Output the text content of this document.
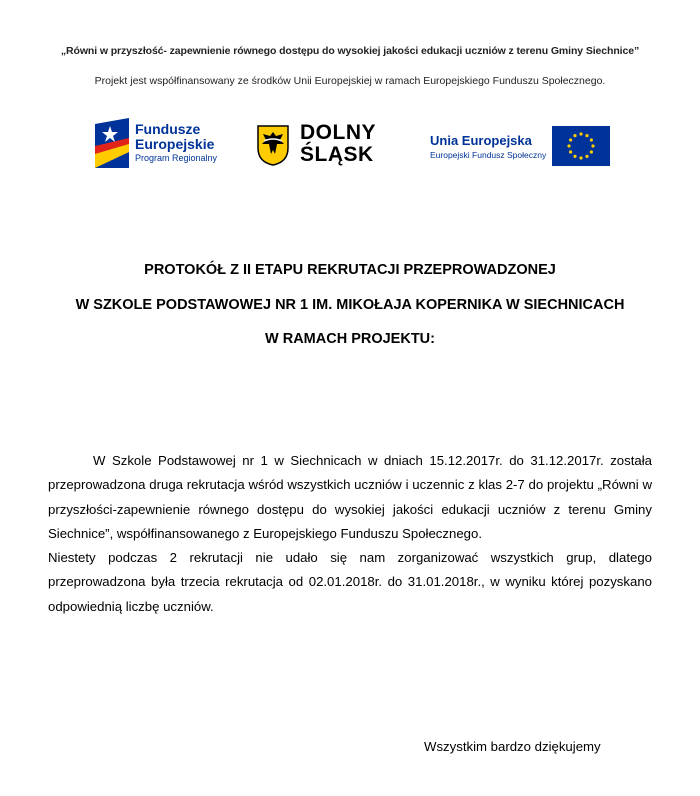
„Równi w przyszłość- zapewnienie równego dostępu do wysokiej jakości edukacji uczniów z terenu Gminy Siechnice”
Projekt jest współfinansowany ze środków Unii Europejskiej w ramach Europejskiego Funduszu Społecznego.
Fundusze
Europejskie
Program Regionalny
DOLNY
ŚLĄSK
Unia Europejska
Europejski Fundusz Społeczny
PROTOKÓŁ Z II ETAPU REKRUTACJI PRZEPROWADZONEJ
W SZKOLE PODSTAWOWEJ NR 1 IM. MIKOŁAJA KOPERNIKA W SIECHNICACH
W RAMACH PROJEKTU:

W Szkole Podstawowej nr 1 w Siechnicach w dniach 15.12.2017r. do 31.12.2017r. została przeprowadzona druga rekrutacja wśród wszystkich uczniów i uczennic z klas 2-7 do projektu „Równi w przyszłości-zapewnienie równego dostępu do wysokiej jakości edukacji uczniów z terenu Gminy Siechnice”, współfinansowanego z Europejskiego Funduszu Społecznego.

Niestety podczas 2 rekrutacji nie udało się nam zorganizować wszystkich grup, dlatego przeprowadzona była trzecia rekrutacja od 02.01.2018r. do 31.01.2018r., w wyniku której pozyskano odpowiednią liczbę uczniów.

Wszystkim bardzo dziękujemy
